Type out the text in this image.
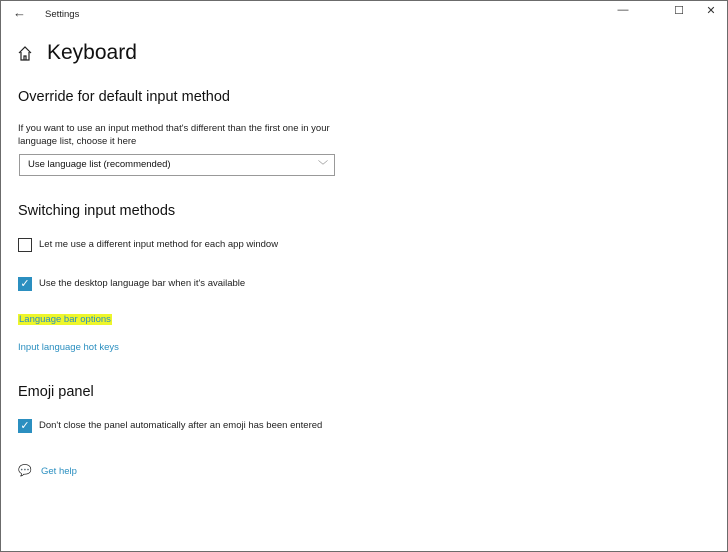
← Settings	—	☐	✕
Keyboard
Override for default input method
If you want to use an input method that's different than the first one in your language list, choose it here
Use language list (recommended)	﹀
Switching input methods
Let me use a different input method for each app window
✓ Use the desktop language bar when it's available
Language bar options
Input language hot keys
Emoji panel
✓ Don't close the panel automatically after an emoji has been entered
💬 Get help
